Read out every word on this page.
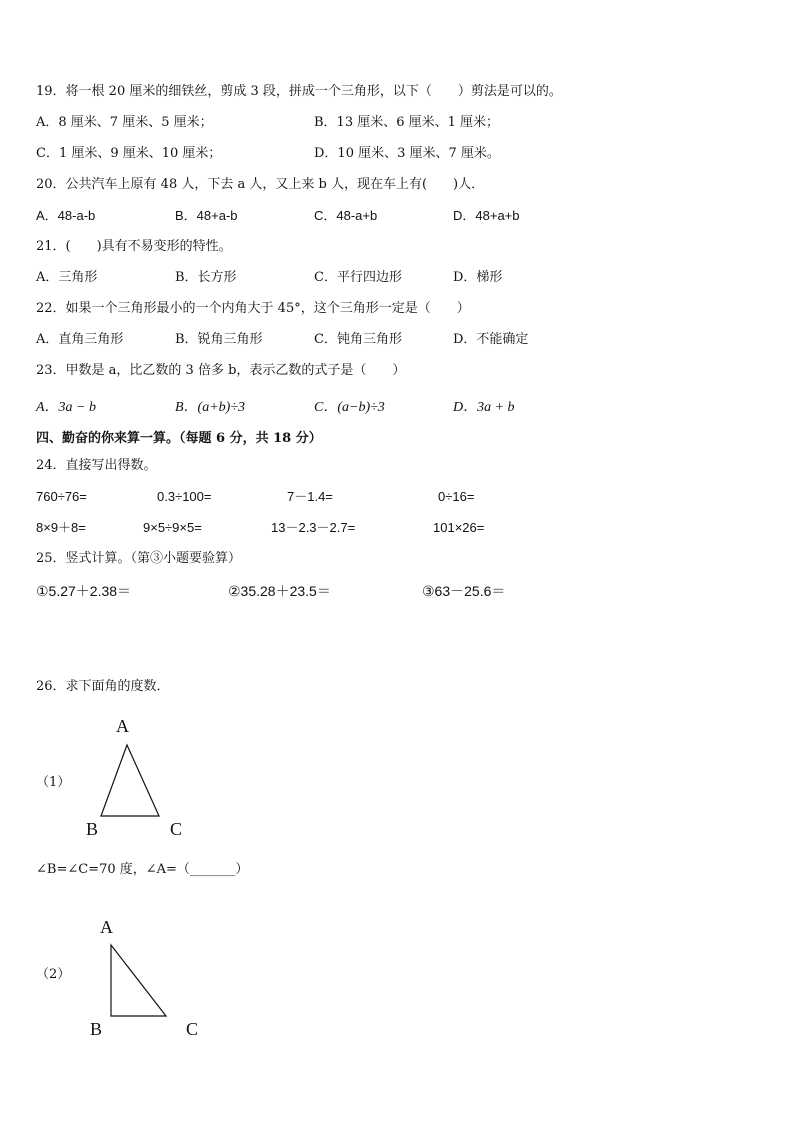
19．将一根 20 厘米的细铁丝，剪成 3 段，拼成一个三角形，以下（　　）剪法是可以的。
A．8 厘米、7 厘米、5 厘米；	B．13 厘米、6 厘米、1 厘米；
C．1 厘米、9 厘米、10 厘米；	D．10 厘米、3 厘米、7 厘米。
20．公共汽车上原有 48 人，下去 a 人，又上来 b 人，现在车上有(　　)人．
A．48-a-b	B．48+a-b	C．48-a+b	D．48+a+b
21．(　　)具有不易变形的特性。
A．三角形	B．长方形	C．平行四边形	D．梯形
22．如果一个三角形最小的一个内角大于 45°，这个三角形一定是（　　）
A．直角三角形	B．锐角三角形	C．钝角三角形	D．不能确定
23．甲数是 a，比乙数的 3 倍多 b，表示乙数的式子是（　　）
A．3a − b	B．(a+b)÷3	C．(a−b)÷3	D．3a + b
四、勤奋的你来算一算。（每题 6 分，共 18 分）
24．直接写出得数。
760÷76=	0.3÷100=	7－1.4=	0÷16=
8×9＋8=	9×5÷9×5=	13－2.3－2.7=	101×26=
25．竖式计算。（第③小题要验算）
①5.27＋2.38＝	②35.28＋23.5＝	③63－25.6＝
26．求下面角的度数．
A
（1）
B	C
∠B=∠C=70 度，∠A=（_______）
A
（2）
B	C
